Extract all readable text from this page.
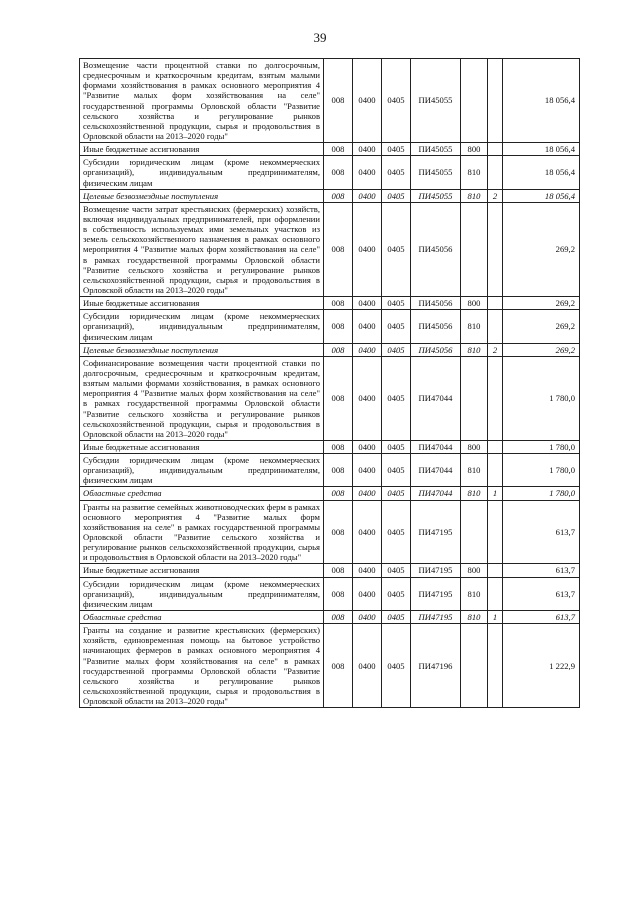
39
Возмещение части процентной ставки по долгосрочным, среднесрочным и краткосрочным кредитам, взятым малыми формами хозяйствования в рамках основного мероприятия 4 "Развитие малых форм хозяйствования на селе" государственной программы Орловской области "Развитие сельского хозяйства и регулирование рынков сельскохозяйственной продукции, сырья и продовольствия в Орловской области на 2013–2020 годы"	008	0400	0405	ПИ45055			18 056,4
Иные бюджетные ассигнования	008	0400	0405	ПИ45055	800		18 056,4
Субсидии юридическим лицам (кроме некоммерческих организаций), индивидуальным предпринимателям, физическим лицам	008	0400	0405	ПИ45055	810		18 056,4
Целевые безвозмездные поступления	008	0400	0405	ПИ45055	810	2	18 056,4
Возмещение части затрат крестьянских (фермерских) хозяйств, включая индивидуальных предпринимателей, при оформлении в собственность используемых ими земельных участков из земель сельскохозяйственного назначения в рамках основного мероприятия 4 "Развитие малых форм хозяйствования на селе" в рамках государственной программы Орловской области "Развитие сельского хозяйства и регулирование рынков сельскохозяйственной продукции, сырья и продовольствия в Орловской области на 2013–2020 годы"	008	0400	0405	ПИ45056			269,2
Иные бюджетные ассигнования	008	0400	0405	ПИ45056	800		269,2
Субсидии юридическим лицам (кроме некоммерческих организаций), индивидуальным предпринимателям, физическим лицам	008	0400	0405	ПИ45056	810		269,2
Целевые безвозмездные поступления	008	0400	0405	ПИ45056	810	2	269,2
Софинансирование возмещения части процентной ставки по долгосрочным, среднесрочным и краткосрочным кредитам, взятым малыми формами хозяйствования, в рамках основного мероприятия 4 "Развитие малых форм хозяйствования на селе" в рамках государственной программы Орловской области "Развитие сельского хозяйства и регулирование рынков сельскохозяйственной продукции, сырья и продовольствия в Орловской области на 2013–2020 годы"	008	0400	0405	ПИ47044			1 780,0
Иные бюджетные ассигнования	008	0400	0405	ПИ47044	800		1 780,0
Субсидии юридическим лицам (кроме некоммерческих организаций), индивидуальным предпринимателям, физическим лицам	008	0400	0405	ПИ47044	810		1 780,0
Областные средства	008	0400	0405	ПИ47044	810	1	1 780,0
Гранты на развитие семейных животноводческих ферм в рамках основного мероприятия 4 "Развитие малых форм хозяйствования на селе" в рамках государственной программы Орловской области "Развитие сельского хозяйства и регулирование рынков сельскохозяйственной продукции, сырья и продовольствия в Орловской области на 2013–2020 годы"	008	0400	0405	ПИ47195			613,7
Иные бюджетные ассигнования	008	0400	0405	ПИ47195	800		613,7
Субсидии юридическим лицам (кроме некоммерческих организаций), индивидуальным предпринимателям, физическим лицам	008	0400	0405	ПИ47195	810		613,7
Областные средства	008	0400	0405	ПИ47195	810	1	613,7
Гранты на создание и развитие крестьянских (фермерских) хозяйств, единовременная помощь на бытовое устройство начинающих фермеров в рамках основного мероприятия 4 "Развитие малых форм хозяйствования на селе" в рамках государственной программы Орловской области "Развитие сельского хозяйства и регулирование рынков сельскохозяйственной продукции, сырья и продовольствия в Орловской области на 2013–2020 годы"	008	0400	0405	ПИ47196			1 222,9
